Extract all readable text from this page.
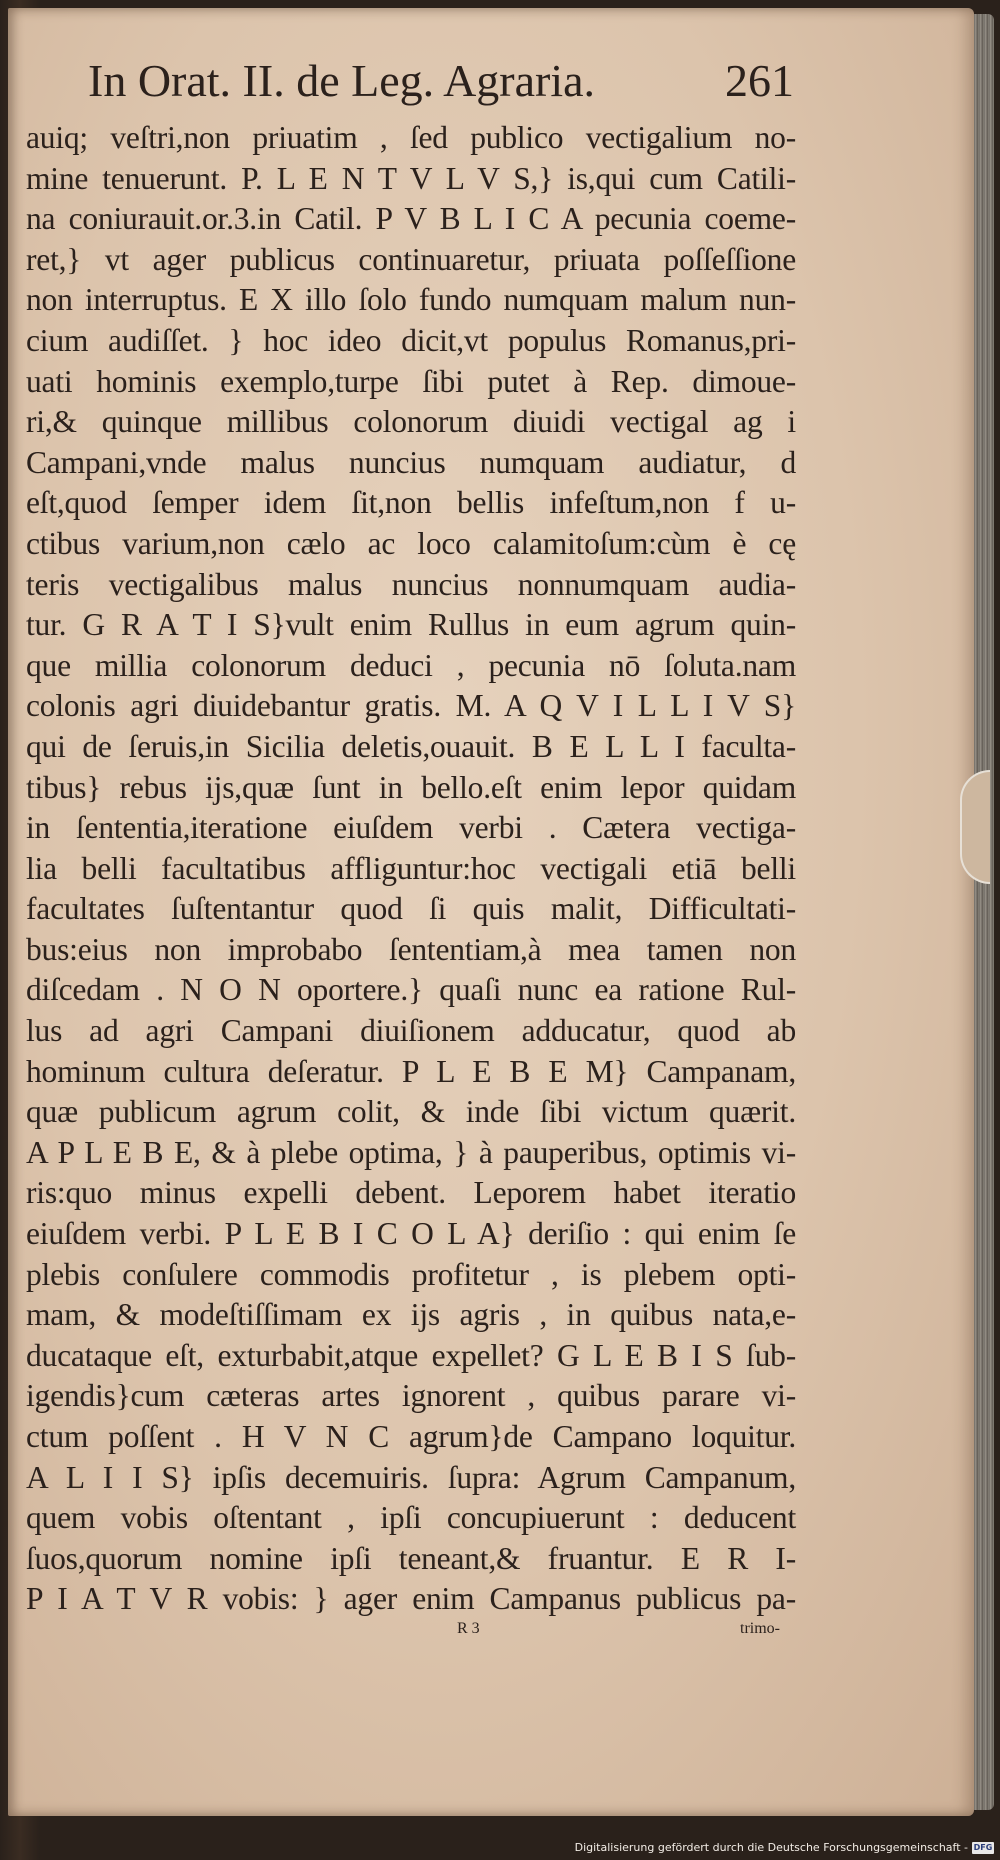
In Orat. II. de Leg. Agraria.	261
auiq; veſtri,non priuatim , ſed publico vectigalium no-
mine tenuerunt. P. L E N T V L V S,} is,qui cum Catili-
na coniurauit.or.3.in Catil. P V B L I C A pecunia coeme-
ret,} vt ager publicus continuaretur, priuata poſſeſſione
non interruptus. E X illo ſolo fundo numquam malum nun-
cium audiſſet. } hoc ideo dicit,vt populus Romanus,pri-
uati hominis exemplo,turpe ſibi putet à Rep. dimoue-
ri,& quinque millibus colonorum diuidi vectigal ag i
Campani,vnde malus nuncius numquam audiatur, d
eſt,quod ſemper idem ſit,non bellis infeſtum,non f u-
ctibus varium,non cælo ac loco calamitoſum:cùm è cę
teris vectigalibus malus nuncius nonnumquam audia-
tur. G R A T I S}vult enim Rullus in eum agrum quin-
que millia colonorum deduci , pecunia nō ſoluta.nam
colonis agri diuidebantur gratis. M. A Q V I L L I V S}
qui de ſeruis,in Sicilia deletis,ouauit. B E L L I faculta-
tibus} rebus ijs,quæ ſunt in bello.eſt enim lepor quidam
in ſententia,iteratione eiuſdem verbi . Cætera vectiga-
lia belli facultatibus affliguntur:hoc vectigali etiā belli
facultates ſuſtentantur quod ſi quis malit, Difficultati-
bus:eius non improbabo ſententiam,à mea tamen non
diſcedam . N O N oportere.} quaſi nunc ea ratione Rul-
lus ad agri Campani diuiſionem adducatur, quod ab
hominum cultura deſeratur. P L E B E M} Campanam,
quæ publicum agrum colit, & inde ſibi victum quærit.
A P L E B E, & à plebe optima, } à pauperibus, optimis vi-
ris:quo minus expelli debent. Leporem habet iteratio
eiuſdem verbi. P L E B I C O L A} deriſio : qui enim ſe
plebis conſulere commodis profitetur , is plebem opti-
mam, & modeſtiſſimam ex ijs agris , in quibus nata,e-
ducataque eſt, exturbabit,atque expellet? G L E B I S ſub-
igendis}cum cæteras artes ignorent , quibus parare vi-
ctum poſſent . H V N C agrum}de Campano loquitur.
A L I I S} ipſis decemuiris. ſupra: Agrum Campanum,
quem vobis oſtentant , ipſi concupiuerunt : deducent
ſuos,quorum nomine ipſi teneant,& fruantur. E R I-
P I A T V R vobis: } ager enim Campanus publicus pa-
R 3	trimo-
Digitalisierung gefördert durch die Deutsche Forschungsgemeinschaft - DFG
